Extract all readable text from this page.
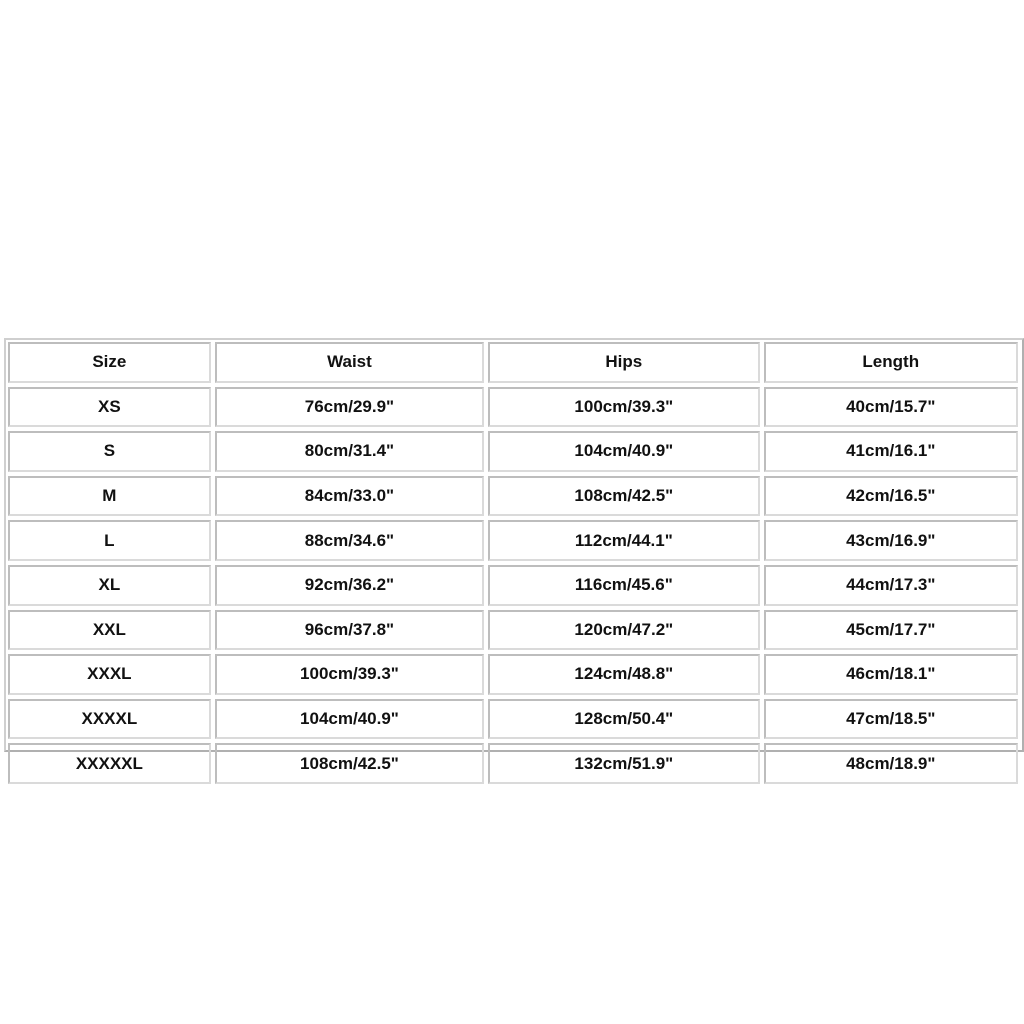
Size	Waist	Hips	Length
XS	76cm/29.9"	100cm/39.3"	40cm/15.7"
S	80cm/31.4"	104cm/40.9"	41cm/16.1"
M	84cm/33.0"	108cm/42.5"	42cm/16.5"
L	88cm/34.6"	112cm/44.1"	43cm/16.9"
XL	92cm/36.2"	116cm/45.6"	44cm/17.3"
XXL	96cm/37.8"	120cm/47.2"	45cm/17.7"
XXXL	100cm/39.3"	124cm/48.8"	46cm/18.1"
XXXXL	104cm/40.9"	128cm/50.4"	47cm/18.5"
XXXXXL	108cm/42.5"	132cm/51.9"	48cm/18.9"
